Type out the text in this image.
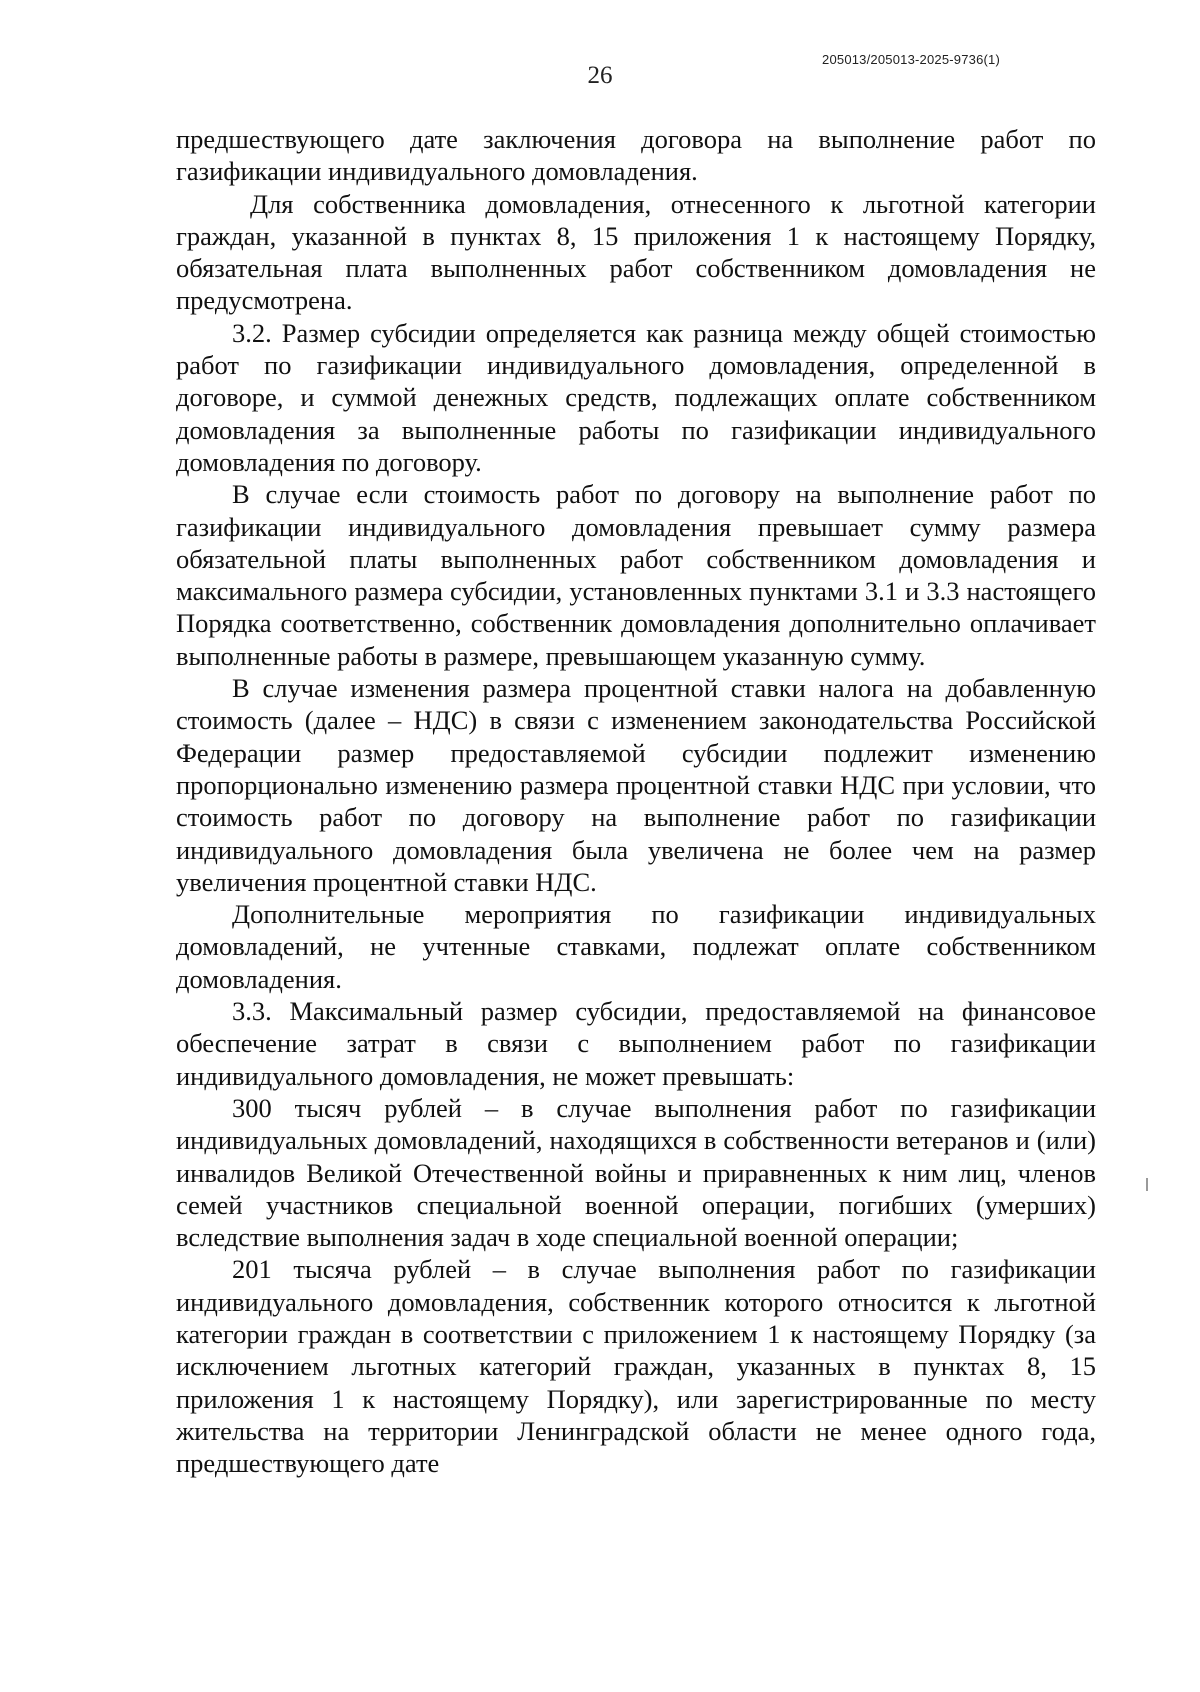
205013/205013-2025-9736(1)
26

предшествующего дате заключения договора на выполнение работ по газификации индивидуального домовладения.

Для собственника домовладения, отнесенного к льготной категории граждан, указанной в пунктах 8, 15 приложения 1 к настоящему Порядку, обязательная плата выполненных работ собственником домовладения не предусмотрена.

3.2. Размер субсидии определяется как разница между общей стоимостью работ по газификации индивидуального домовладения, определенной в договоре, и суммой денежных средств, подлежащих оплате собственником домовладения за выполненные работы по газификации индивидуального домовладения по договору.

В случае если стоимость работ по договору на выполнение работ по газификации индивидуального домовладения превышает сумму размера обязательной платы выполненных работ собственником домовладения и максимального размера субсидии, установленных пунктами 3.1 и 3.3 настоящего Порядка соответственно, собственник домовладения дополнительно оплачивает выполненные работы в размере, превышающем указанную сумму.

В случае изменения размера процентной ставки налога на добавленную стоимость (далее – НДС) в связи с изменением законодательства Российской Федерации размер предоставляемой субсидии подлежит изменению пропорционально изменению размера процентной ставки НДС при условии, что стоимость работ по договору на выполнение работ по газификации индивидуального домовладения была увеличена не более чем на размер увеличения процентной ставки НДС.

Дополнительные мероприятия по газификации индивидуальных домовладений, не учтенные ставками, подлежат оплате собственником домовладения.

3.3. Максимальный размер субсидии, предоставляемой на финансовое обеспечение затрат в связи с выполнением работ по газификации индивидуального домовладения, не может превышать:

300 тысяч рублей – в случае выполнения работ по газификации индивидуальных домовладений, находящихся в собственности ветеранов и (или) инвалидов Великой Отечественной войны и приравненных к ним лиц, членов семей участников специальной военной операции, погибших (умерших) вследствие выполнения задач в ходе специальной военной операции;

201 тысяча рублей – в случае выполнения работ по газификации индивидуального домовладения, собственник которого относится к льготной категории граждан в соответствии с приложением 1 к настоящему Порядку (за исключением льготных категорий граждан, указанных в пунктах 8, 15 приложения 1 к настоящему Порядку), или зарегистрированные по месту жительства на территории Ленинградской области не менее одного года, предшествующего дате
